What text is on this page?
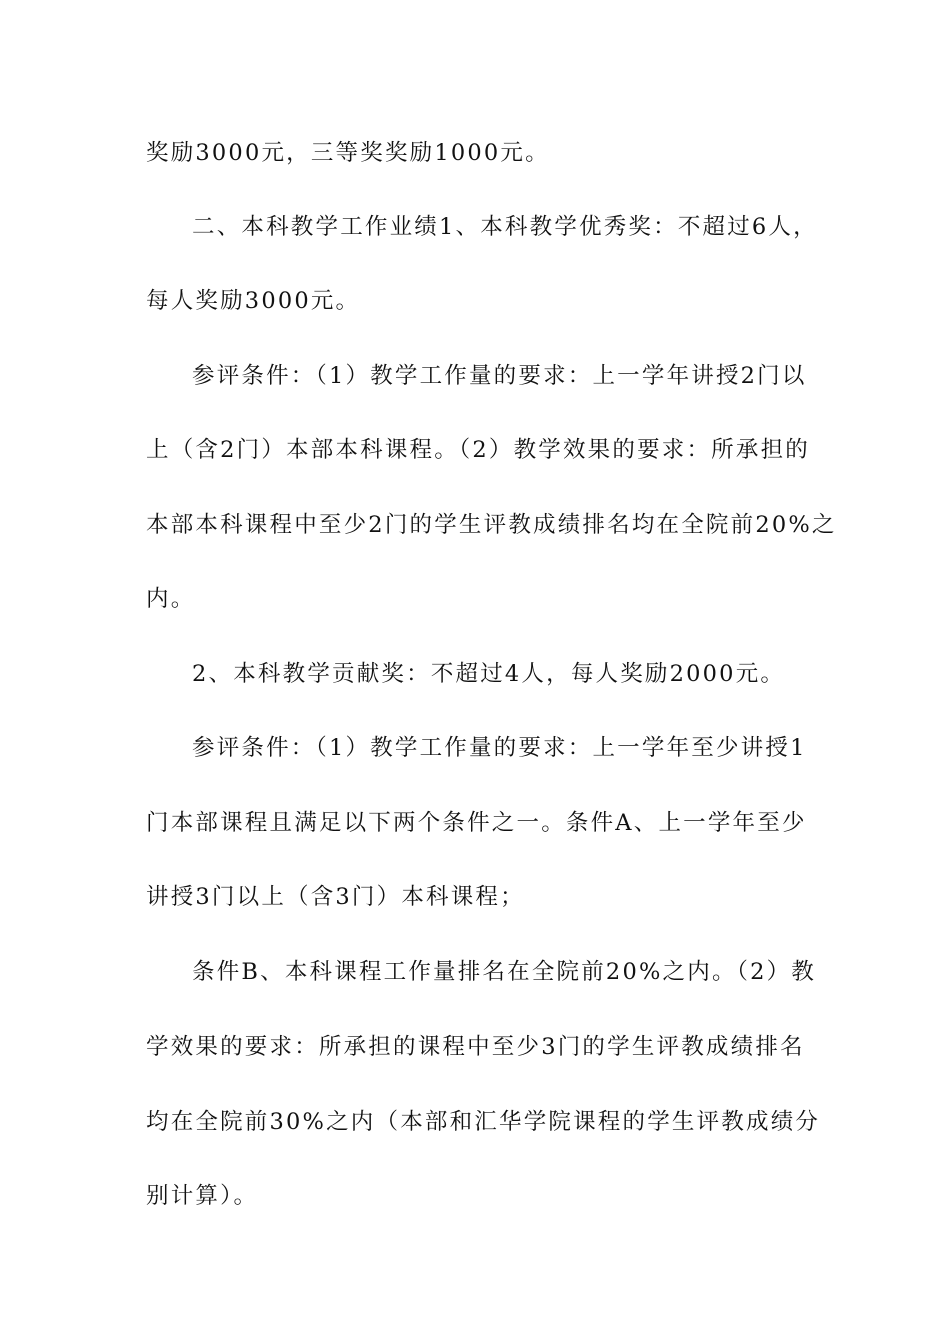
奖励3000元，三等奖奖励1000元。
二、本科教学工作业绩1、本科教学优秀奖：不超过6人，
每人奖励3000元。
参评条件：（1）教学工作量的要求：上一学年讲授2门以
上（含2门）本部本科课程。（2）教学效果的要求：所承担的
本部本科课程中至少2门的学生评教成绩排名均在全院前20%之
内。
2、本科教学贡献奖：不超过4人，每人奖励2000元。
参评条件：（1）教学工作量的要求：上一学年至少讲授1
门本部课程且满足以下两个条件之一。条件A、上一学年至少
讲授3门以上（含3门）本科课程；
条件B、本科课程工作量排名在全院前20%之内。（2）教
学效果的要求：所承担的课程中至少3门的学生评教成绩排名
均在全院前30%之内（本部和汇华学院课程的学生评教成绩分
别计算）。
